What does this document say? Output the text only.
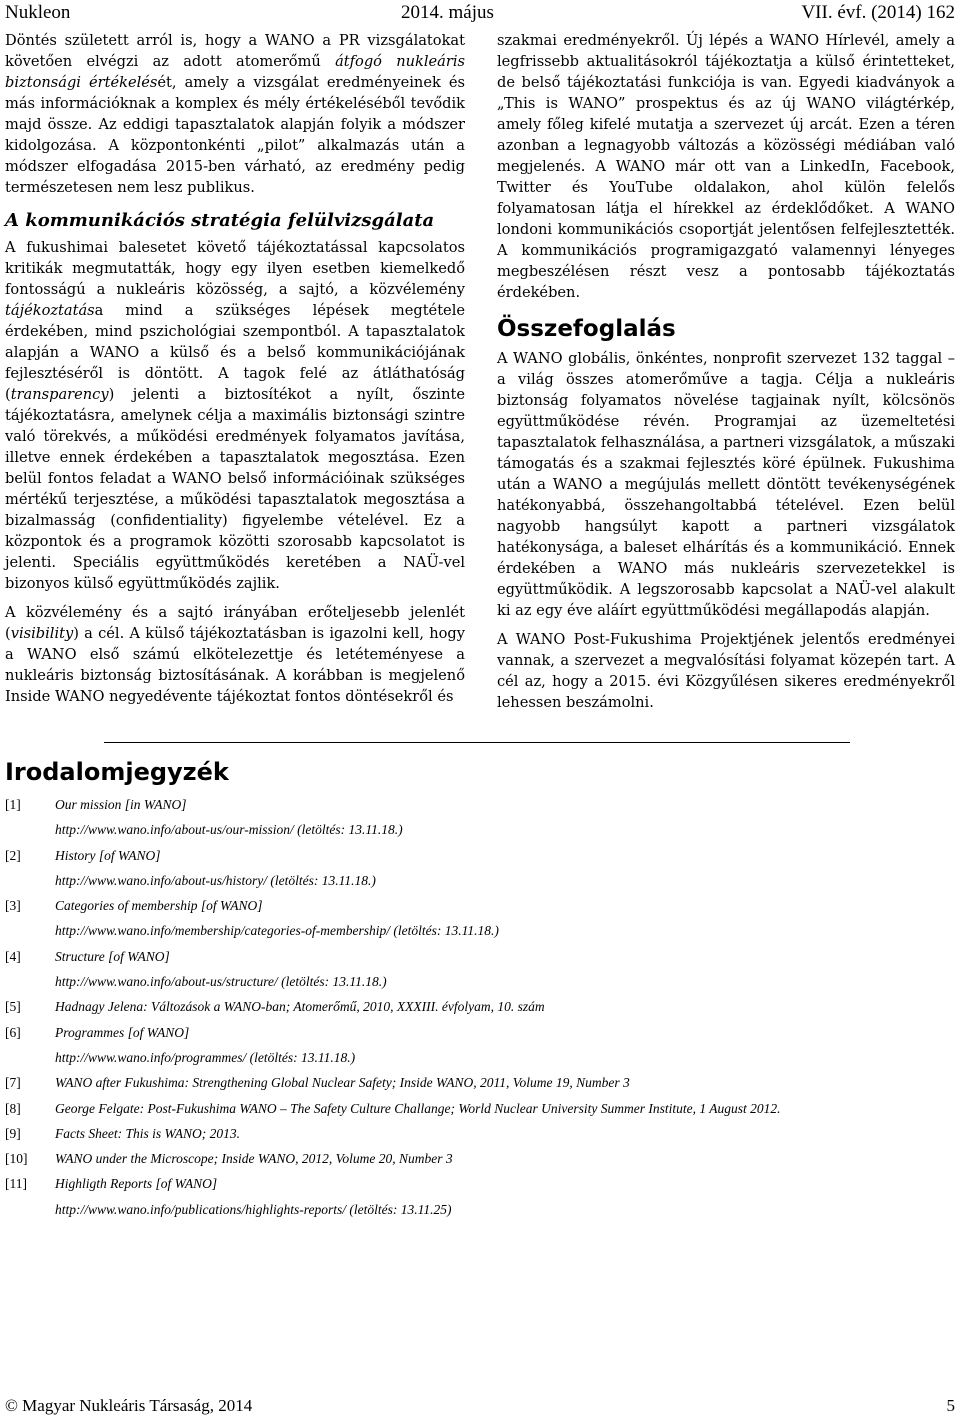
Nukleon	2014. május	VII. évf. (2014) 162

Döntés született arról is, hogy a WANO a PR vizsgálatokat követően elvégzi az adott atomerőmű átfogó nukleáris biztonsági értékelését, amely a vizsgálat eredményeinek és más információknak a komplex és mély értékeléséből tevődik majd össze. Az eddigi tapasztalatok alapján folyik a módszer kidolgozása. A központonkénti „pilot” alkalmazás után a módszer elfogadása 2015-ben várható, az eredmény pedig természetesen nem lesz publikus.

A kommunikációs stratégia felülvizsgálata

A fukushimai balesetet követő tájékoztatással kapcsolatos kritikák megmutatták, hogy egy ilyen esetben kiemelkedő fontosságú a nukleáris közösség, a sajtó, a közvélemény tájékoztatása mind a szükséges lépések megtétele érdekében, mind pszichológiai szempontból. A tapasztalatok alapján a WANO a külső és a belső kommunikációjának fejlesztéséről is döntött. A tagok felé az átláthatóság (transparency) jelenti a biztosítékot a nyílt, őszinte tájékoztatásra, amelynek célja a maximális biztonsági szintre való törekvés, a működési eredmények folyamatos javítása, illetve ennek érdekében a tapasztalatok megosztása. Ezen belül fontos feladat a WANO belső információinak szükséges mértékű terjesztése, a működési tapasztalatok megosztása a bizalmasság (confidentiality) figyelembe vételével. Ez a központok és a programok közötti szorosabb kapcsolatot is jelenti. Speciális együttműködés keretében a NAÜ-vel bizonyos külső együttműködés zajlik.

A közvélemény és a sajtó irányában erőteljesebb jelenlét (visibility) a cél. A külső tájékoztatásban is igazolni kell, hogy a WANO első számú elkötelezettje és letéteményese a nukleáris biztonság biztosításának. A korábban is megjelenő Inside WANO negyedévente tájékoztat fontos döntésekről és

szakmai eredményekről. Új lépés a WANO Hírlevél, amely a legfrissebb aktualitásokról tájékoztatja a külső érintetteket, de belső tájékoztatási funkciója is van. Egyedi kiadványok a „This is WANO” prospektus és az új WANO világtérkép, amely főleg kifelé mutatja a szervezet új arcát. Ezen a téren azonban a legnagyobb változás a közösségi médiában való megjelenés. A WANO már ott van a LinkedIn, Facebook, Twitter és YouTube oldalakon, ahol külön felelős folyamatosan látja el hírekkel az érdeklődőket. A WANO londoni kommunikációs csoportját jelentősen felfejlesztették. A kommunikációs programigazgató valamennyi lényeges megbeszélésen részt vesz a pontosabb tájékoztatás érdekében.

Összefoglalás

A WANO globális, önkéntes, nonprofit szervezet 132 taggal – a világ összes atomerőműve a tagja. Célja a nukleáris biztonság folyamatos növelése tagjainak nyílt, kölcsönös együttműködése révén. Programjai az üzemeltetési tapasztalatok felhasználása, a partneri vizsgálatok, a műszaki támogatás és a szakmai fejlesztés köré épülnek. Fukushima után a WANO a megújulás mellett döntött tevékenységének hatékonyabbá, összehangoltabbá tételével. Ezen belül nagyobb hangsúlyt kapott a partneri vizsgálatok hatékonysága, a baleset elhárítás és a kommunikáció. Ennek érdekében a WANO más nukleáris szervezetekkel is együttműködik. A legszorosabb kapcsolat a NAÜ-vel alakult ki az egy éve aláírt együttműködési megállapodás alapján.

A WANO Post-Fukushima Projektjének jelentős eredményei vannak, a szervezet a megvalósítási folyamat közepén tart. A cél az, hogy a 2015. évi Közgyűlésen sikeres eredményekről lehessen beszámolni.

Irodalomjegyzék
[1]	Our mission [in WANO]
http://www.wano.info/about-us/our-mission/ (letöltés: 13.11.18.)
[2]	History [of WANO]
http://www.wano.info/about-us/history/ (letöltés: 13.11.18.)
[3]	Categories of membership [of WANO]
http://www.wano.info/membership/categories-of-membership/ (letöltés: 13.11.18.)
[4]	Structure [of WANO]
http://www.wano.info/about-us/structure/ (letöltés: 13.11.18.)
[5]	Hadnagy Jelena: Változások a WANO-ban; Atomerőmű, 2010, XXXIII. évfolyam, 10. szám
[6]	Programmes [of WANO]
http://www.wano.info/programmes/ (letöltés: 13.11.18.)
[7]	WANO after Fukushima: Strengthening Global Nuclear Safety; Inside WANO, 2011, Volume 19, Number 3
[8]	George Felgate: Post-Fukushima WANO – The Safety Culture Challange; World Nuclear University Summer Institute, 1 August 2012.
[9]	Facts Sheet: This is WANO; 2013.
[10]	WANO under the Microscope; Inside WANO, 2012, Volume 20, Number 3
[11]	Highligth Reports [of WANO]
http://www.wano.info/publications/highlights-reports/ (letöltés: 13.11.25)
© Magyar Nukleáris Társaság, 2014	5
